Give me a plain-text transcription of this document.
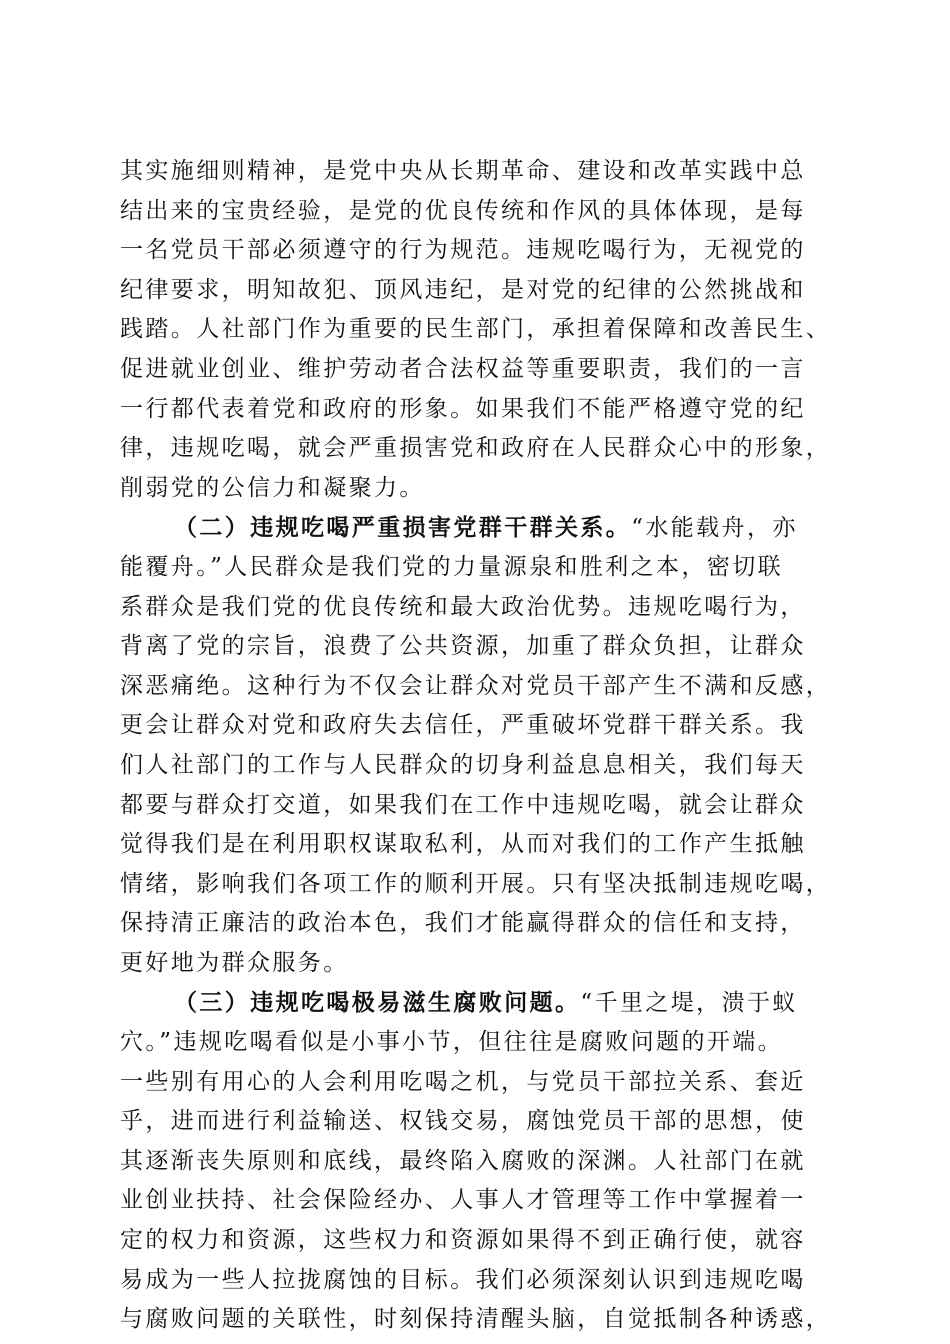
其实施细则精神，是党中央从长期革命、建设和改革实践中总
结出来的宝贵经验，是党的优良传统和作风的具体体现，是每
一名党员干部必须遵守的行为规范。违规吃喝行为，无视党的
纪律要求，明知故犯、顶风违纪，是对党的纪律的公然挑战和
践踏。人社部门作为重要的民生部门，承担着保障和改善民生、
促进就业创业、维护劳动者合法权益等重要职责，我们的一言
一行都代表着党和政府的形象。如果我们不能严格遵守党的纪
律，违规吃喝，就会严重损害党和政府在人民群众心中的形象，
削弱党的公信力和凝聚力。
（二）违规吃喝严重损害党群干群关系。“水能载舟，亦
能覆舟。”人民群众是我们党的力量源泉和胜利之本，密切联
系群众是我们党的优良传统和最大政治优势。违规吃喝行为，
背离了党的宗旨，浪费了公共资源，加重了群众负担，让群众
深恶痛绝。这种行为不仅会让群众对党员干部产生不满和反感，
更会让群众对党和政府失去信任，严重破坏党群干群关系。我
们人社部门的工作与人民群众的切身利益息息相关，我们每天
都要与群众打交道，如果我们在工作中违规吃喝，就会让群众
觉得我们是在利用职权谋取私利，从而对我们的工作产生抵触
情绪，影响我们各项工作的顺利开展。只有坚决抵制违规吃喝，
保持清正廉洁的政治本色，我们才能赢得群众的信任和支持，
更好地为群众服务。
（三）违规吃喝极易滋生腐败问题。“千里之堤，溃于蚁
穴。”违规吃喝看似是小事小节，但往往是腐败问题的开端。
一些别有用心的人会利用吃喝之机，与党员干部拉关系、套近
乎，进而进行利益输送、权钱交易，腐蚀党员干部的思想，使
其逐渐丧失原则和底线，最终陷入腐败的深渊。人社部门在就
业创业扶持、社会保险经办、人事人才管理等工作中掌握着一
定的权力和资源，这些权力和资源如果得不到正确行使，就容
易成为一些人拉拢腐蚀的目标。我们必须深刻认识到违规吃喝
与腐败问题的关联性，时刻保持清醒头脑，自觉抵制各种诱惑，
